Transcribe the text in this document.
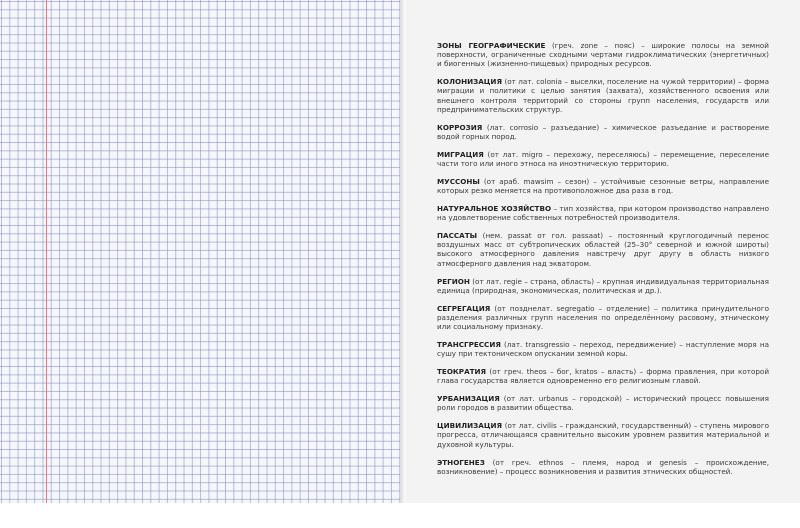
ЗОНЫ ГЕОГРАФИЧЕСКИЕ (греч. zone – пояс) – широкие полосы на земной поверхности, ограниченные сходными чертами гидроклиматических (энергетичных) и биогенных (жизненно-пищевых) природных ресурсов.

КОЛОНИЗАЦИЯ (от лат. colonia – выселки, поселение на чужой территории) – форма миграции и политики с целью занятия (захвата), хозяйственного освоения или внешнего контроля территорий со стороны групп населения, государств или предпринимательских структур.

КОРРОЗИЯ (лат. corrosio – разъедание) – химическое разъедание и растворение водой горных пород.

МИГРАЦИЯ (от лат. migro – перехожу, переселяюсь) – перемещение, переселение части того или иного этноса на иноэтническую территорию.

МУССОНЫ (от араб. mawsim – сезон) – устойчивые сезонные ветры, направление которых резко меняется на противоположное два раза в год.

НАТУРАЛЬНОЕ ХОЗЯЙСТВО – тип хозяйства, при котором производство направлено на удовлетворение собственных потребностей производителя.

ПАССАТЫ (нем. passat от гол. passaat) – постоянный круглогодичный перенос воздушных масс от субтропических областей (25–30° северной и южной широты) высокого атмосферного давления навстречу друг другу в область низкого атмосферного давления над экватором.

РЕГИОН (от лат. regie – страна, область) – крупная индивидуальная территориальная единица (природная, экономическая, политическая и др.).

СЕГРЕГАЦИЯ (от позднелат. segregatio – отделение) – политика принудительного разделения различных групп населения по определённому расовому, этническому или социальному признаку.

ТРАНСГРЕССИЯ (лат. transgressio – переход, передвижение) – наступление моря на сушу при тектоническом опускании земной коры.

ТЕОКРАТИЯ (от греч. theos – бог, kratos – власть) – форма правления, при которой глава государства является одновременно его религиозным главой.

УРБАНИЗАЦИЯ (от лат. urbanus – городской) – исторический процесс повышения роли городов в развитии общества.

ЦИВИЛИЗАЦИЯ (от лат. civilis – гражданский, государственный) – ступень мирового прогресса, отличающаяся сравнительно высоким уровнем развития материальной и духовной культуры.

ЭТНОГЕНЕЗ (от греч. ethnos – племя, народ и genesis – происхождение, возникновение) – процесс возникновения и развития этнических общностей.
